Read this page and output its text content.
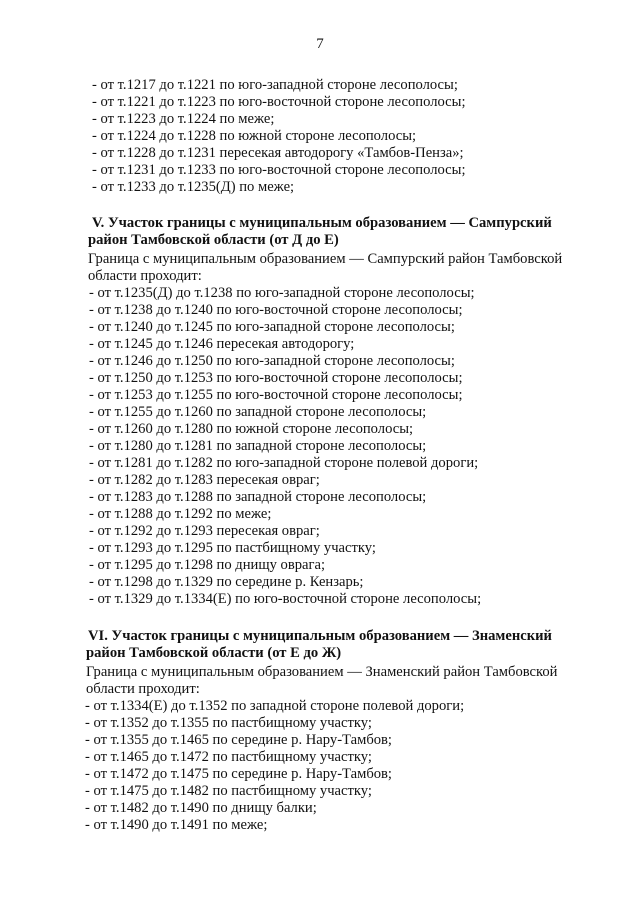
7
- от т.1217 до т.1221 по юго-западной стороне лесополосы;
- от т.1221 до т.1223 по юго-восточной стороне лесополосы;
- от т.1223 до т.1224 по меже;
- от т.1224 до т.1228 по южной стороне лесополосы;
- от т.1228 до т.1231 пересекая автодорогу «Тамбов-Пенза»;
- от т.1231 до т.1233 по юго-восточной стороне лесополосы;
- от т.1233 до т.1235(Д) по меже;
V. Участок границы с муниципальным образованием — Сампурский
район Тамбовской области (от Д до Е)
Граница с муниципальным образованием — Сампурский район Тамбовской
области проходит:
- от т.1235(Д) до т.1238 по юго-западной стороне лесополосы;
- от т.1238 до т.1240 по юго-восточной стороне лесополосы;
- от т.1240 до т.1245 по юго-западной стороне лесополосы;
- от т.1245 до т.1246 пересекая автодорогу;
- от т.1246 до т.1250 по юго-западной стороне лесополосы;
- от т.1250 до т.1253 по юго-восточной стороне лесополосы;
- от т.1253 до т.1255 по юго-восточной стороне лесополосы;
- от т.1255 до т.1260 по западной стороне лесополосы;
- от т.1260 до т.1280 по южной стороне лесополосы;
- от т.1280 до т.1281 по западной стороне лесополосы;
- от т.1281 до т.1282 по юго-западной стороне полевой дороги;
- от т.1282 до т.1283 пересекая овраг;
- от т.1283 до т.1288 по западной стороне лесополосы;
- от т.1288 до т.1292 по меже;
- от т.1292 до т.1293 пересекая овраг;
- от т.1293 до т.1295 по пастбищному участку;
- от т.1295 до т.1298 по днищу оврага;
- от т.1298 до т.1329 по середине р. Кензарь;
- от т.1329 до т.1334(Е) по юго-восточной стороне лесополосы;
VI. Участок границы с муниципальным образованием — Знаменский
район Тамбовской области (от Е до Ж)
Граница с муниципальным образованием — Знаменский район Тамбовской
области проходит:
- от т.1334(Е) до т.1352 по западной стороне полевой дороги;
- от т.1352 до т.1355 по пастбищному участку;
- от т.1355 до т.1465 по середине р. Нару-Тамбов;
- от т.1465 до т.1472 по пастбищному участку;
- от т.1472 до т.1475 по середине р. Нару-Тамбов;
- от т.1475 до т.1482 по пастбищному участку;
- от т.1482 до т.1490 по днищу балки;
- от т.1490 до т.1491 по меже;
